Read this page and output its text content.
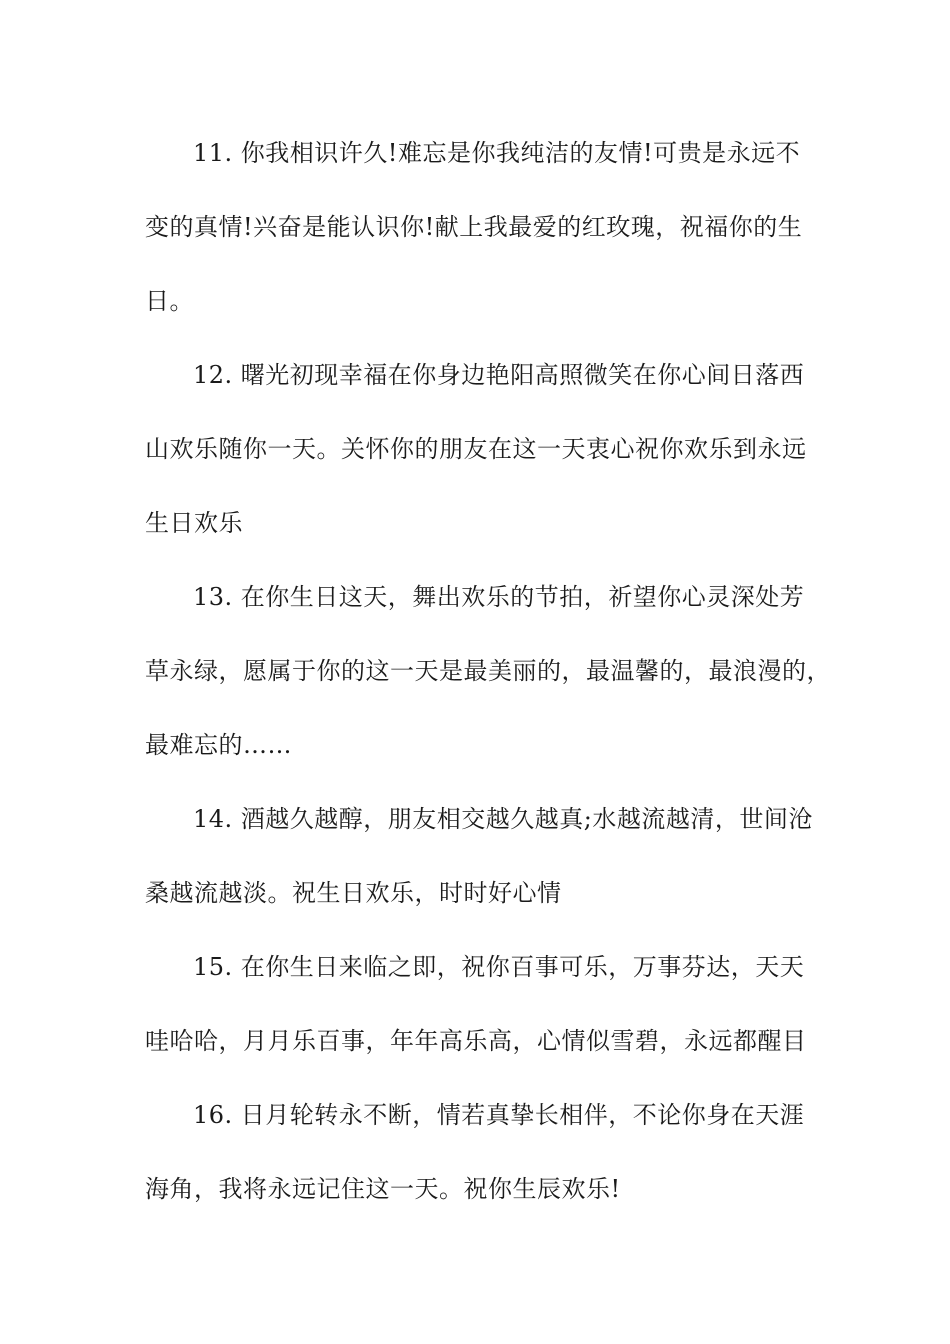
11. 你我相识许久!难忘是你我纯洁的友情!可贵是永远不
变的真情!兴奋是能认识你!献上我最爱的红玫瑰，祝福你的生
日。

12. 曙光初现幸福在你身边艳阳高照微笑在你心间日落西
山欢乐随你一天。关怀你的朋友在这一天衷心祝你欢乐到永远
生日欢乐

13. 在你生日这天，舞出欢乐的节拍，祈望你心灵深处芳
草永绿，愿属于你的这一天是最美丽的，最温馨的，最浪漫的，
最难忘的……

14. 酒越久越醇，朋友相交越久越真;水越流越清，世间沧
桑越流越淡。祝生日欢乐，时时好心情

15. 在你生日来临之即，祝你百事可乐，万事芬达，天天
哇哈哈，月月乐百事，年年高乐高，心情似雪碧，永远都醒目

16. 日月轮转永不断，情若真挚长相伴，不论你身在天涯
海角，我将永远记住这一天。祝你生辰欢乐!
